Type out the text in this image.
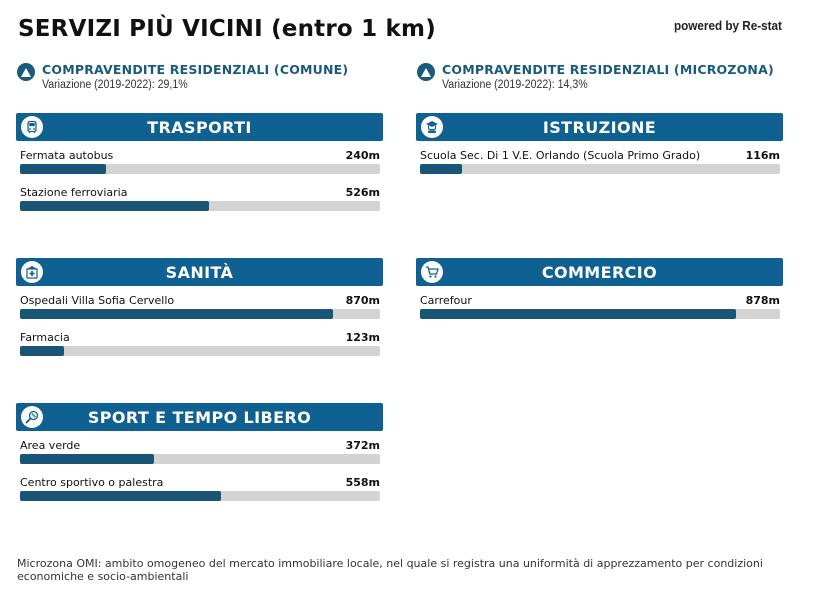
SERVIZI PIÙ VICINI (entro 1 km)	powered by Re-stat
COMPRAVENDITE RESIDENZIALI (COMUNE)
Variazione (2019-2022): 29,1%
COMPRAVENDITE RESIDENZIALI (MICROZONA)
Variazione (2019-2022): 14,3%
TRASPORTI
Fermata autobus	240m
Stazione ferroviaria	526m
ISTRUZIONE
Scuola Sec. Di 1 V.E. Orlando (Scuola Primo Grado)	116m
SANITÀ
Ospedali Villa Sofia Cervello	870m
Farmacia	123m
COMMERCIO
Carrefour	878m
SPORT E TEMPO LIBERO
Area verde	372m
Centro sportivo o palestra	558m
Microzona OMI: ambito omogeneo del mercato immobiliare locale, nel quale si registra una uniformità di apprezzamento per condizioni economiche e socio-ambientali
